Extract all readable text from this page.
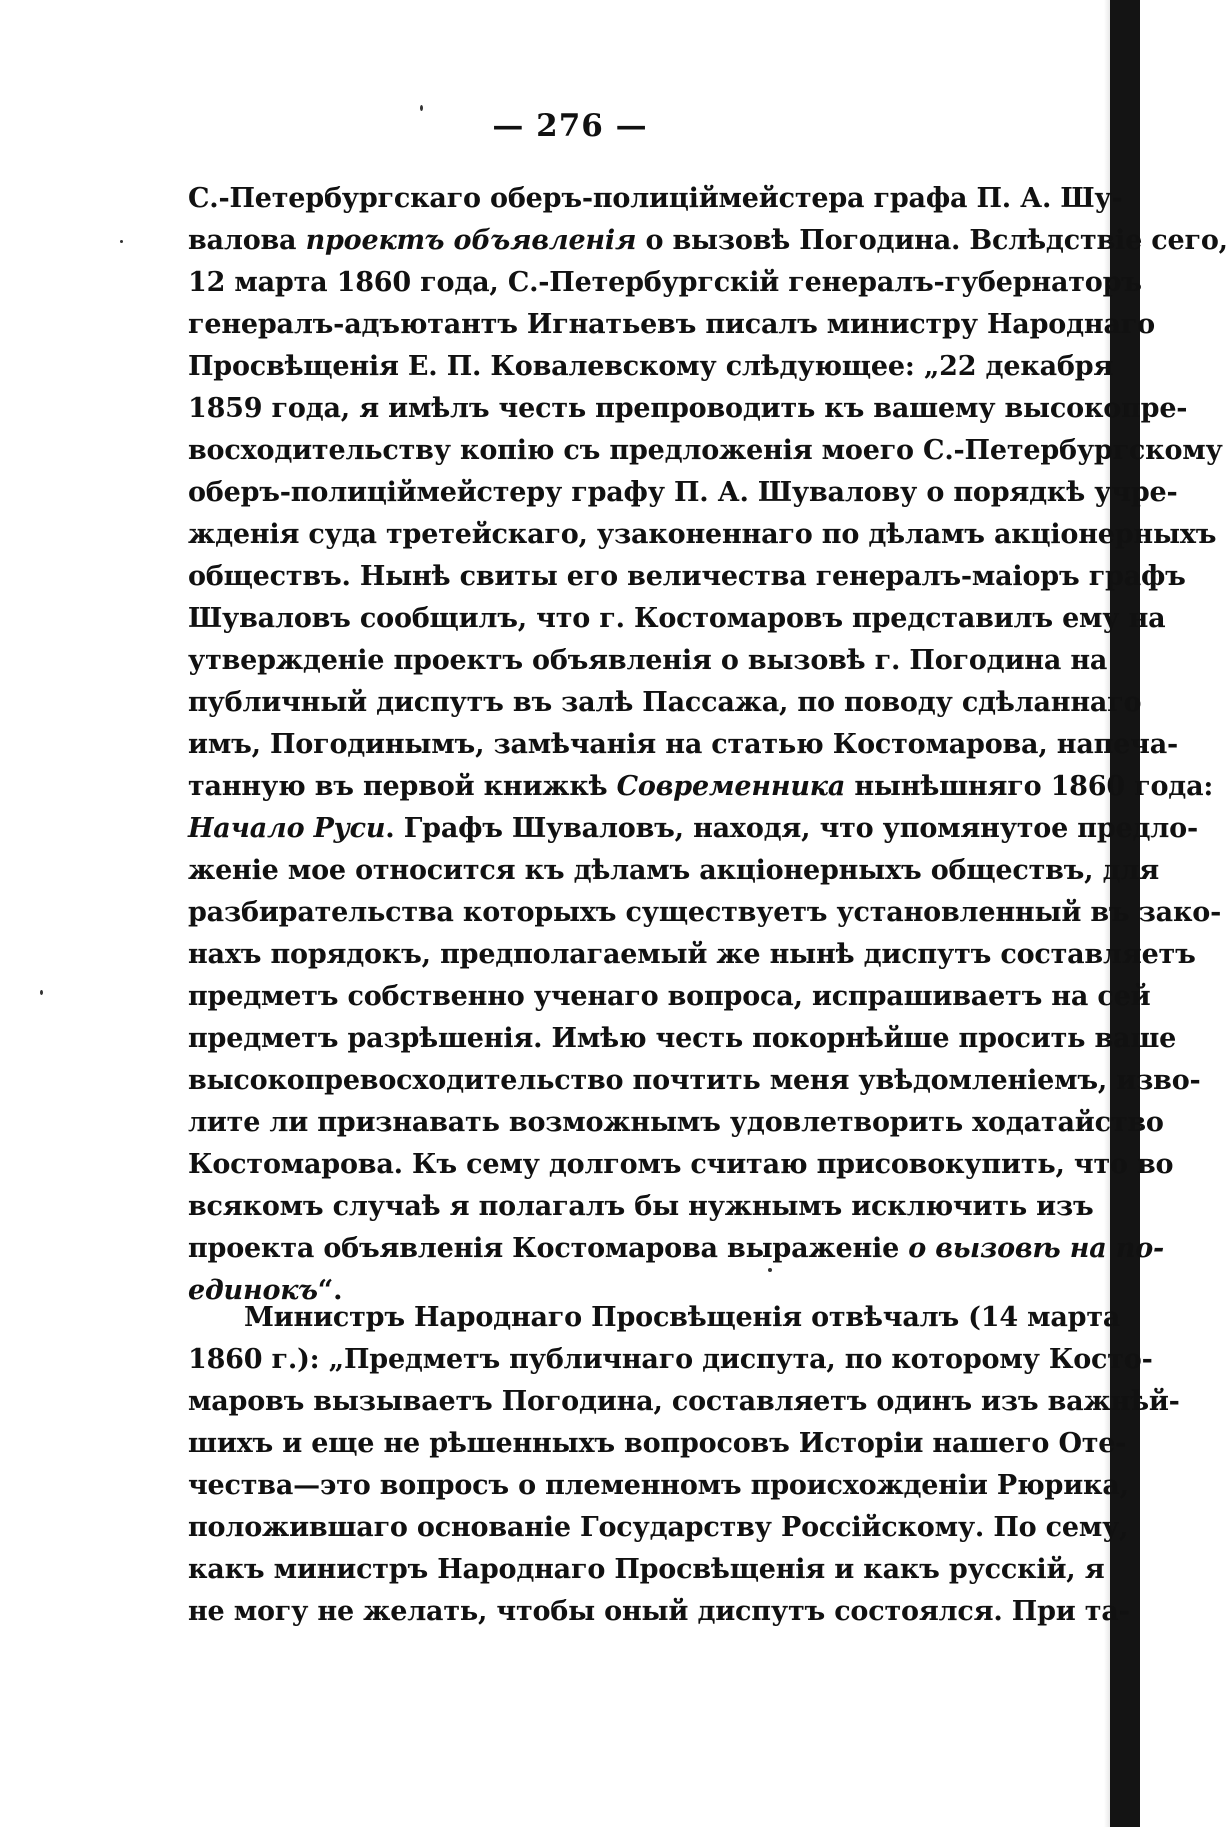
— 276 —
С.-Петербургскаго оберъ-полицiймейстера графа П. А. Шу-
валова проектъ объявленiя о вызовѣ Погодина. Вслѣдствiе сего,
12 марта 1860 года, С.-Петербургскiй генералъ-губернаторъ
генералъ-адъютантъ Игнатьевъ писалъ министру Народнаго
Просвѣщенiя Е. П. Ковалевскому слѣдующее: „22 декабря
1859 года, я имѣлъ честь препроводить къ вашему высокопре-
восходительству копiю съ предложенiя моего С.-Петербургскому
оберъ-полицiймейстеру графу П. А. Шувалову о порядкѣ учре-
жденiя суда третейскаго, узаконеннаго по дѣламъ акцiонерныхъ
обществъ. Нынѣ свиты его величества генералъ-маiоръ графъ
Шуваловъ сообщилъ, что г. Костомаровъ представилъ ему на
утвержденiе проектъ объявленiя о вызовѣ г. Погодина на
публичный диспутъ въ залѣ Пассажа, по поводу сдѣланнаго
имъ, Погодинымъ, замѣчанiя на статью Костомарова, напеча-
танную въ первой книжкѣ Современника нынѣшняго 1860 года:
Начало Руси. Графъ Шуваловъ, находя, что упомянутое предло-
женiе мое относится къ дѣламъ акцiонерныхъ обществъ, для
разбирательства которыхъ существуетъ установленный въ зако-
нахъ порядокъ, предполагаемый же нынѣ диспутъ составляетъ
предметъ собственно ученаго вопроса, испрашиваетъ на сей
предметъ разрѣшенiя. Имѣю честь покорнѣйше просить ваше
высокопревосходительство почтить меня увѣдомленiемъ, изво-
лите ли признавать возможнымъ удовлетворить ходатайство
Костомарова. Къ сему долгомъ считаю присовокупить, что во
всякомъ случаѣ я полагалъ бы нужнымъ исключить изъ
проекта объявленiя Костомарова выраженiе о вызовѣ на по-
единокъ“.
Министръ Народнаго Просвѣщенiя отвѣчалъ (14 марта
1860 г.): „Предметъ публичнаго диспута, по которому Косто-
маровъ вызываетъ Погодина, составляетъ одинъ изъ важнѣй-
шихъ и еще не рѣшенныхъ вопросовъ Исторiи нашего Оте-
чества—это вопросъ о племенномъ происхожденiи Рюрика,
положившаго основанiе Государству Россiйскому. По сему,
какъ министръ Народнаго Просвѣщенiя и какъ русскiй, я
не могу не желать, чтобы оный диспутъ состоялся. При та-
